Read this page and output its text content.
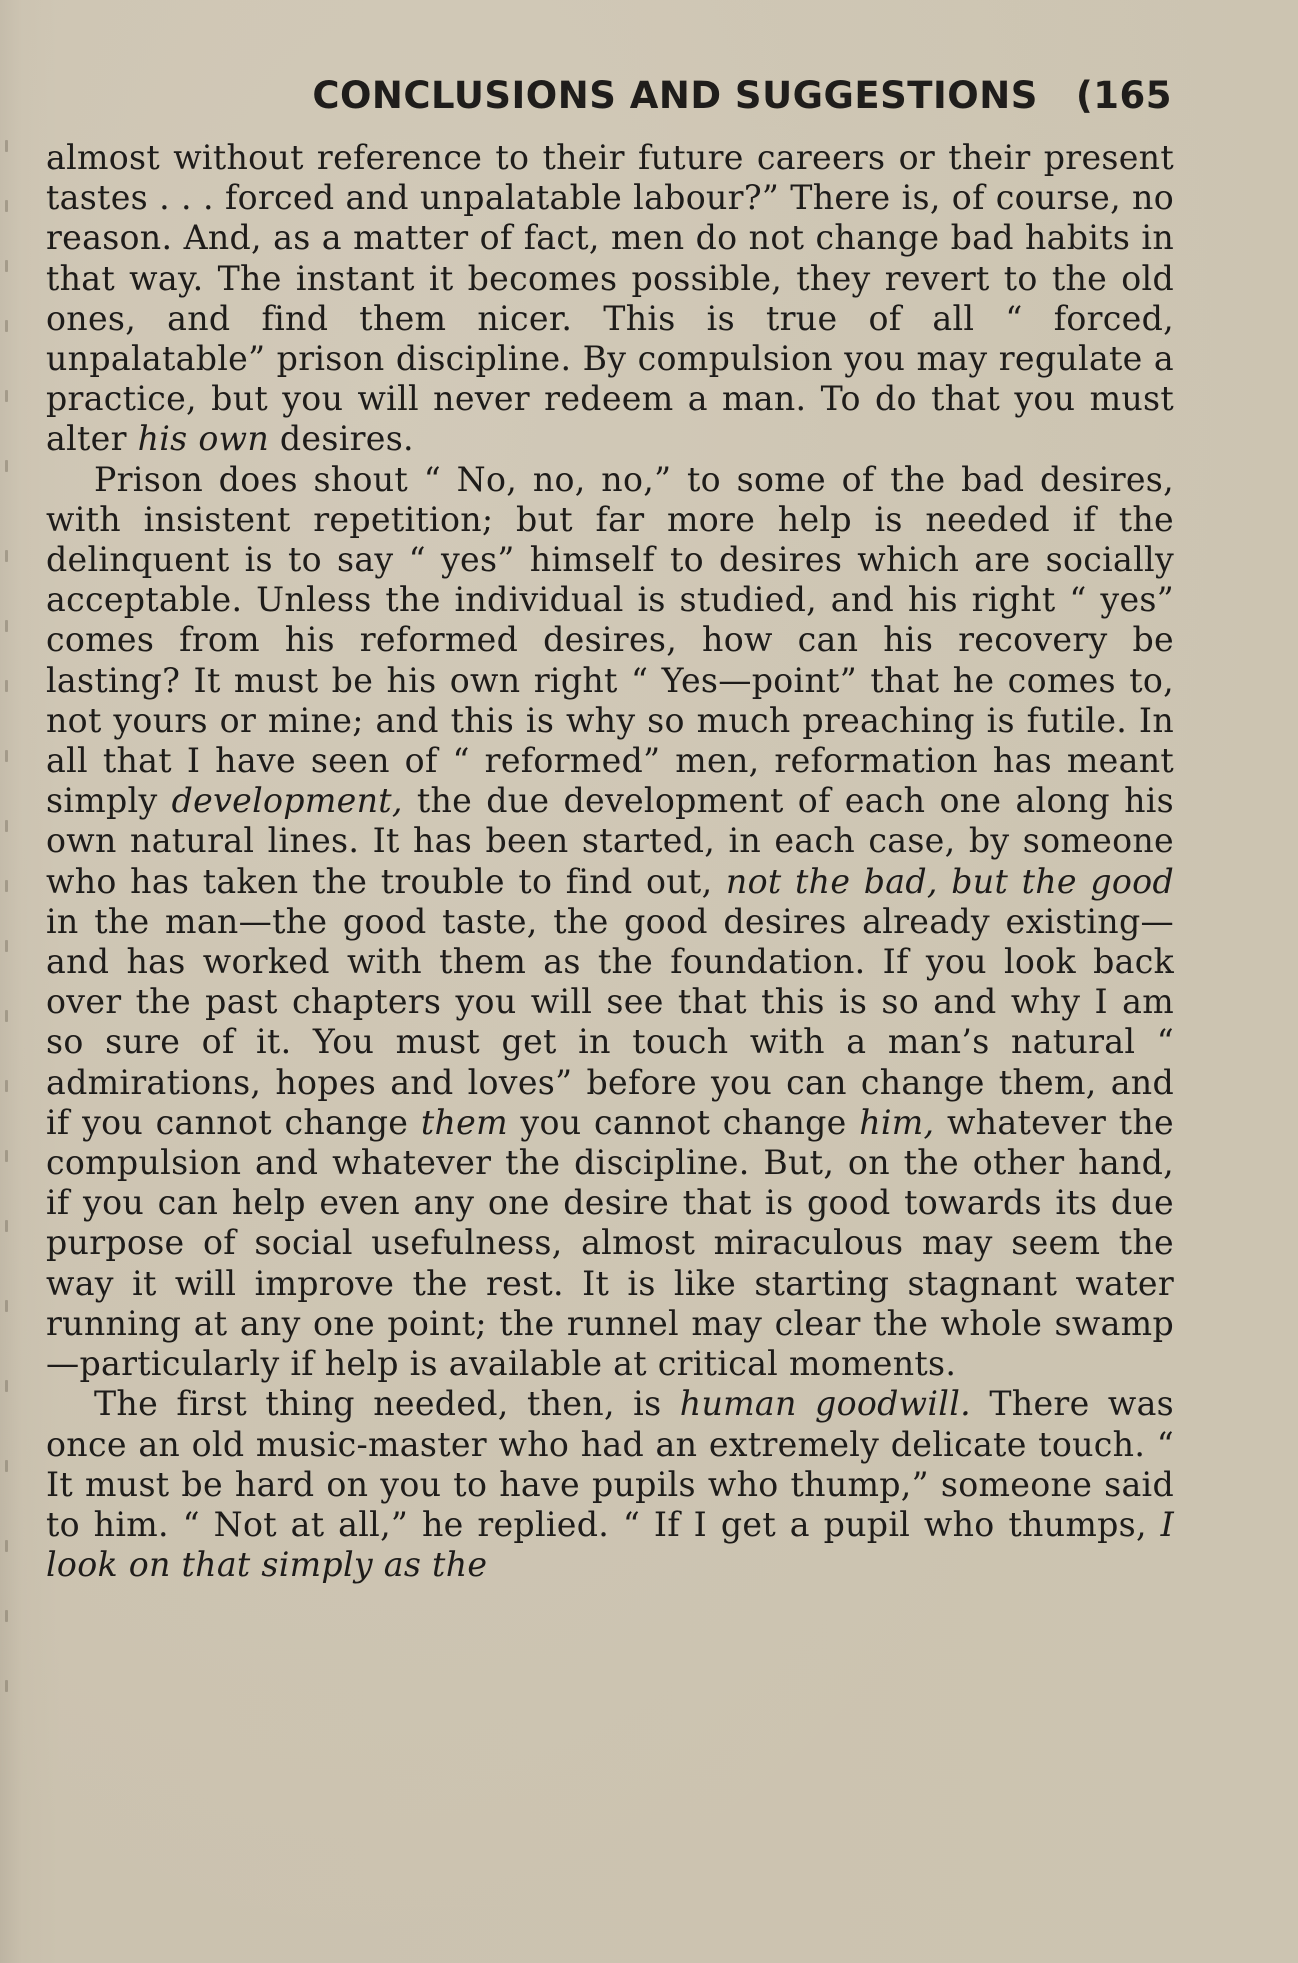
CONCLUSIONS AND SUGGESTIONS (165

almost without reference to their future careers or their present tastes . . . forced and unpalatable labour?” There is, of course, no reason. And, as a matter of fact, men do not change bad habits in that way. The instant it becomes possible, they revert to the old ones, and find them nicer. This is true of all “ forced, unpalatable” prison discipline. By compulsion you may regulate a practice, but you will never redeem a man. To do that you must alter his own desires.

Prison does shout “ No, no, no,” to some of the bad desires, with insistent repetition; but far more help is needed if the delinquent is to say “ yes” himself to desires which are socially acceptable. Unless the individual is studied, and his right “ yes” comes from his reformed desires, how can his recovery be lasting? It must be his own right “ Yes—point” that he comes to, not yours or mine; and this is why so much preaching is futile. In all that I have seen of “ reformed” men, reformation has meant simply development, the due development of each one along his own natural lines. It has been started, in each case, by someone who has taken the trouble to find out, not the bad, but the good in the man—the good taste, the good desires already existing—and has worked with them as the foundation. If you look back over the past chapters you will see that this is so and why I am so sure of it. You must get in touch with a man’s natural “ admirations, hopes and loves” before you can change them, and if you cannot change them you cannot change him, whatever the compulsion and whatever the discipline. But, on the other hand, if you can help even any one desire that is good towards its due purpose of social usefulness, almost miraculous may seem the way it will improve the rest. It is like starting stagnant water running at any one point; the runnel may clear the whole swamp—particularly if help is available at critical moments.

The first thing needed, then, is human goodwill. There was once an old music-master who had an extremely delicate touch. “ It must be hard on you to have pupils who thump,” someone said to him. “ Not at all,” he replied. “ If I get a pupil who thumps, I look on that simply as the
